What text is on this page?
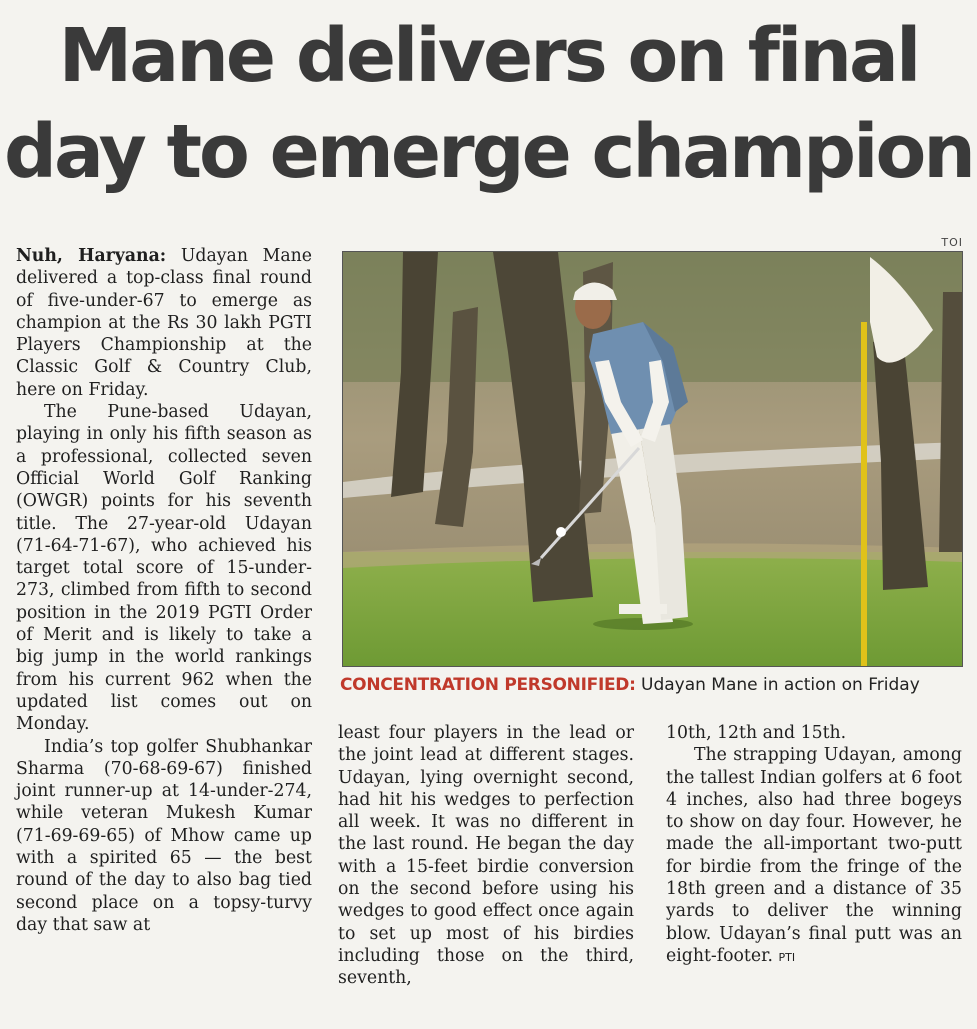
Mane delivers on final
day to emerge champion
TOI

Nuh, Haryana: Udayan Mane delivered a top-class final round of five-under-67 to emerge as champion at the Rs 30 lakh PGTI Players Championship at the Classic Golf & Country Club, here on Friday.

The Pune-based Udayan, playing in only his fifth season as a professional, collected seven Official World Golf Ranking (OWGR) points for his seventh title. The 27-year-old Udayan (71-64-71-67), who achieved his target total score of 15-under-273, climbed from fifth to second position in the 2019 PGTI Order of Merit and is likely to take a big jump in the world rankings from his current 962 when the updated list comes out on Monday.

India’s top golfer Shubhankar Sharma (70-68-69-67) finished joint runner-up at 14-under-274, while veteran Mukesh Kumar (71-69-69-65) of Mhow came up with a spirited 65 — the best round of the day to also bag tied second place on a topsy-turvy day that saw at

CONCENTRATION PERSONIFIED: Udayan Mane in action on Friday

least four players in the lead or the joint lead at different stages. Udayan, lying overnight second, had hit his wedges to perfection all week. It was no different in the last round. He began the day with a 15-feet birdie conversion on the second before using his wedges to good effect once again to set up most of his birdies including those on the third, seventh,

10th, 12th and 15th.

The strapping Udayan, among the tallest Indian golfers at 6 foot 4 inches, also had three bogeys to show on day four. However, he made the all-important two-putt for birdie from the fringe of the 18th green and a distance of 35 yards to deliver the winning blow. Udayan’s final putt was an eight-footer. PTI
